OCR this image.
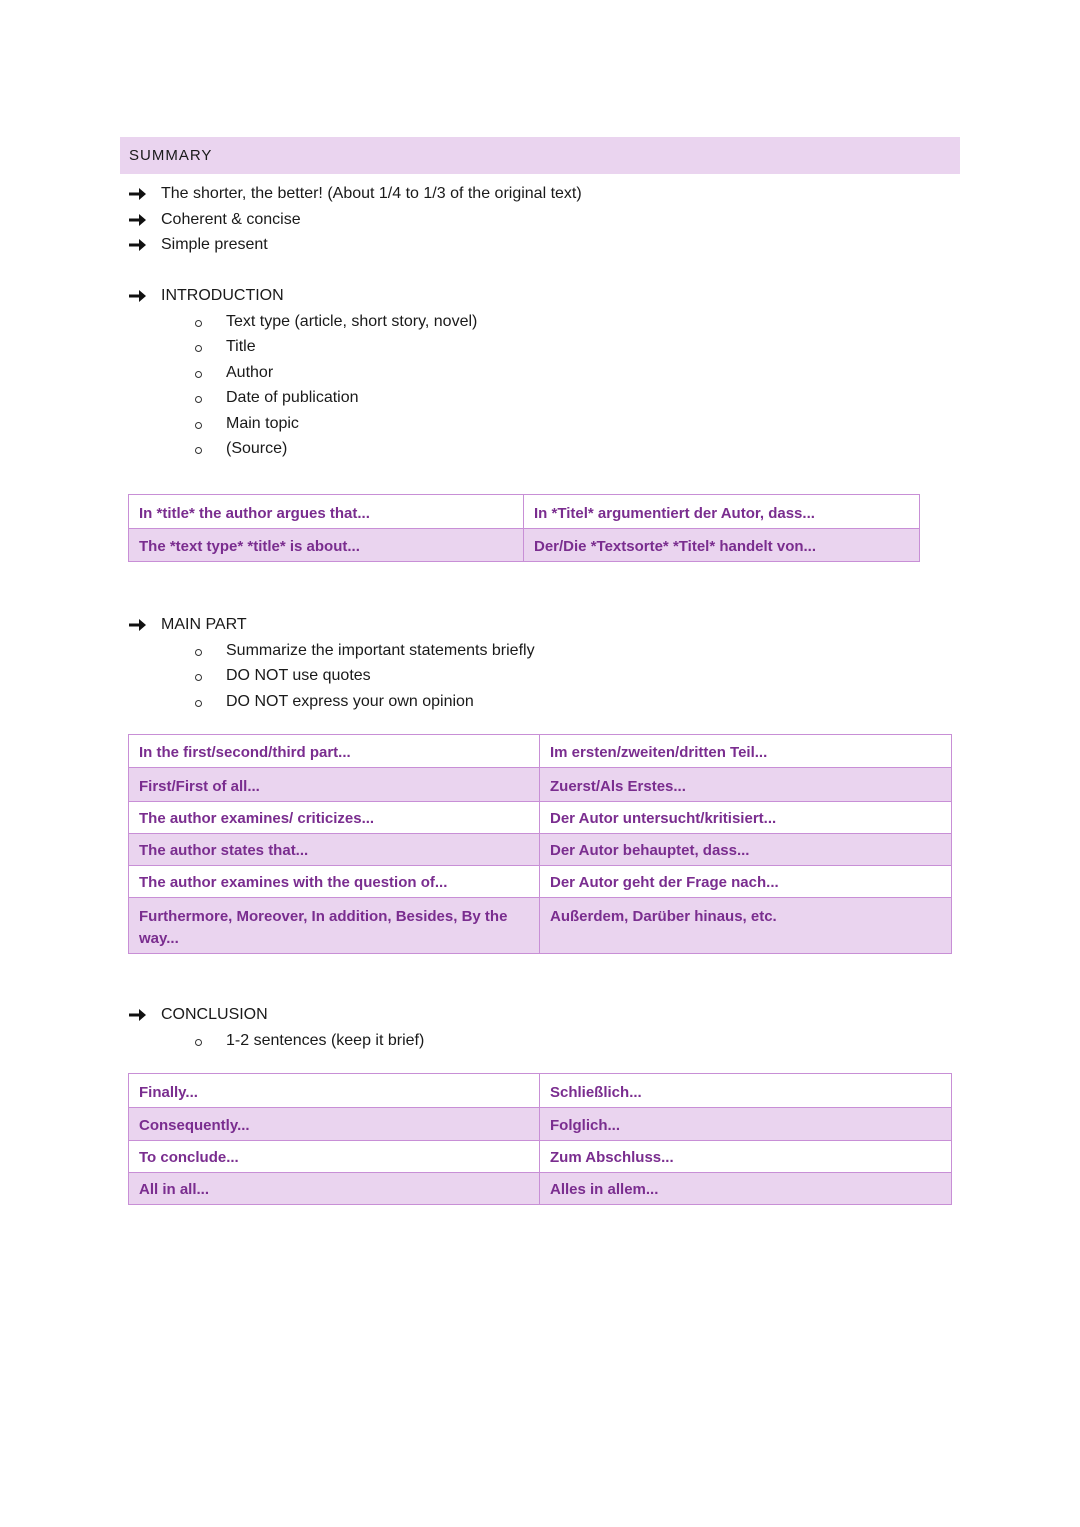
SUMMARY
The shorter, the better! (About 1/4 to 1/3 of the original text)
Coherent & concise
Simple present
INTRODUCTION
Text type (article, short story, novel)
Title
Author
Date of publication
Main topic
(Source)
In *title* the author argues that...	In *Titel* argumentiert der Autor, dass...
The *text type* *title* is about...	Der/Die *Textsorte* *Titel* handelt von...
MAIN PART
Summarize the important statements briefly
DO NOT use quotes
DO NOT express your own opinion
In the first/second/third part...	Im ersten/zweiten/dritten Teil...
First/First of all...	Zuerst/Als Erstes...
The author examines/ criticizes...	Der Autor untersucht/kritisiert...
The author states that...	Der Autor behauptet, dass...
The author examines with the question of...	Der Autor geht der Frage nach...
Furthermore, Moreover, In addition, Besides, By the way...	Außerdem, Darüber hinaus, etc.
CONCLUSION
1-2 sentences (keep it brief)
Finally...	Schließlich...
Consequently...	Folglich...
To conclude...	Zum Abschluss...
All in all...	Alles in allem...
